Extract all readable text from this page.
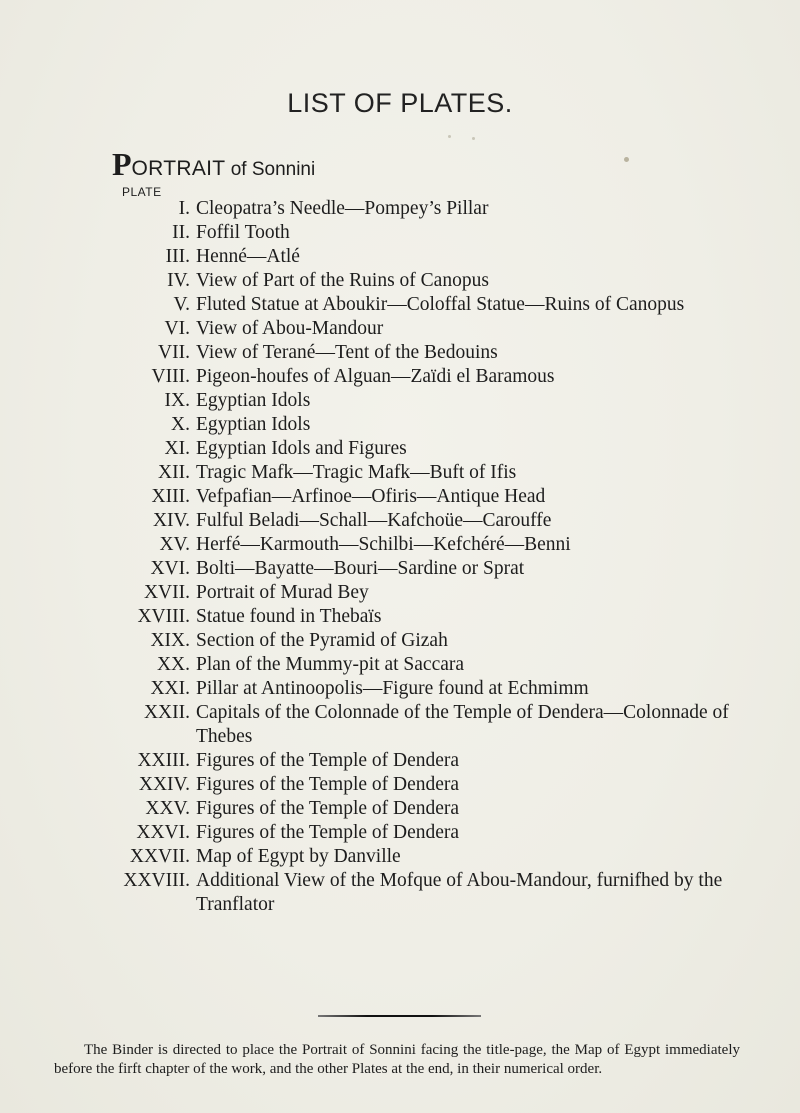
LIST OF PLATES.
PORTRAIT of Sonnini
PLATE
I. Cleopatra’s Needle—Pompey’s Pillar
II. Foffil Tooth
III. Henné—Atlé
IV. View of Part of the Ruins of Canopus
V. Fluted Statue at Aboukir—Coloffal Statue—Ruins of Canopus
VI. View of Abou-Mandour
VII. View of Terané—Tent of the Bedouins
VIII. Pigeon-houfes of Alguan—Zaïdi el Baramous
IX. Egyptian Idols
X. Egyptian Idols
XI. Egyptian Idols and Figures
XII. Tragic Mafk—Tragic Mafk—Buft of Ifis
XIII. Vefpafian—Arfinoe—Ofiris—Antique Head
XIV. Fulful Beladi—Schall—Kafchoüe—Carouffe
XV. Herfé—Karmouth—Schilbi—Kefchéré—Benni
XVI. Bolti—Bayatte—Bouri—Sardine or Sprat
XVII. Portrait of Murad Bey
XVIII. Statue found in Thebaïs
XIX. Section of the Pyramid of Gizah
XX. Plan of the Mummy-pit at Saccara
XXI. Pillar at Antinoopolis—Figure found at Echmimm
XXII. Capitals of the Colonnade of the Temple of Dendera—Colonnade of Thebes
XXIII. Figures of the Temple of Dendera
XXIV. Figures of the Temple of Dendera
XXV. Figures of the Temple of Dendera
XXVI. Figures of the Temple of Dendera
XXVII. Map of Egypt by Danville
XXVIII. Additional View of the Mofque of Abou-Mandour, furnifhed by the Tranflator

The Binder is directed to place the Portrait of Sonnini facing the title-page, the Map of Egypt immediately before the firft chapter of the work, and the other Plates at the end, in their numerical order.
